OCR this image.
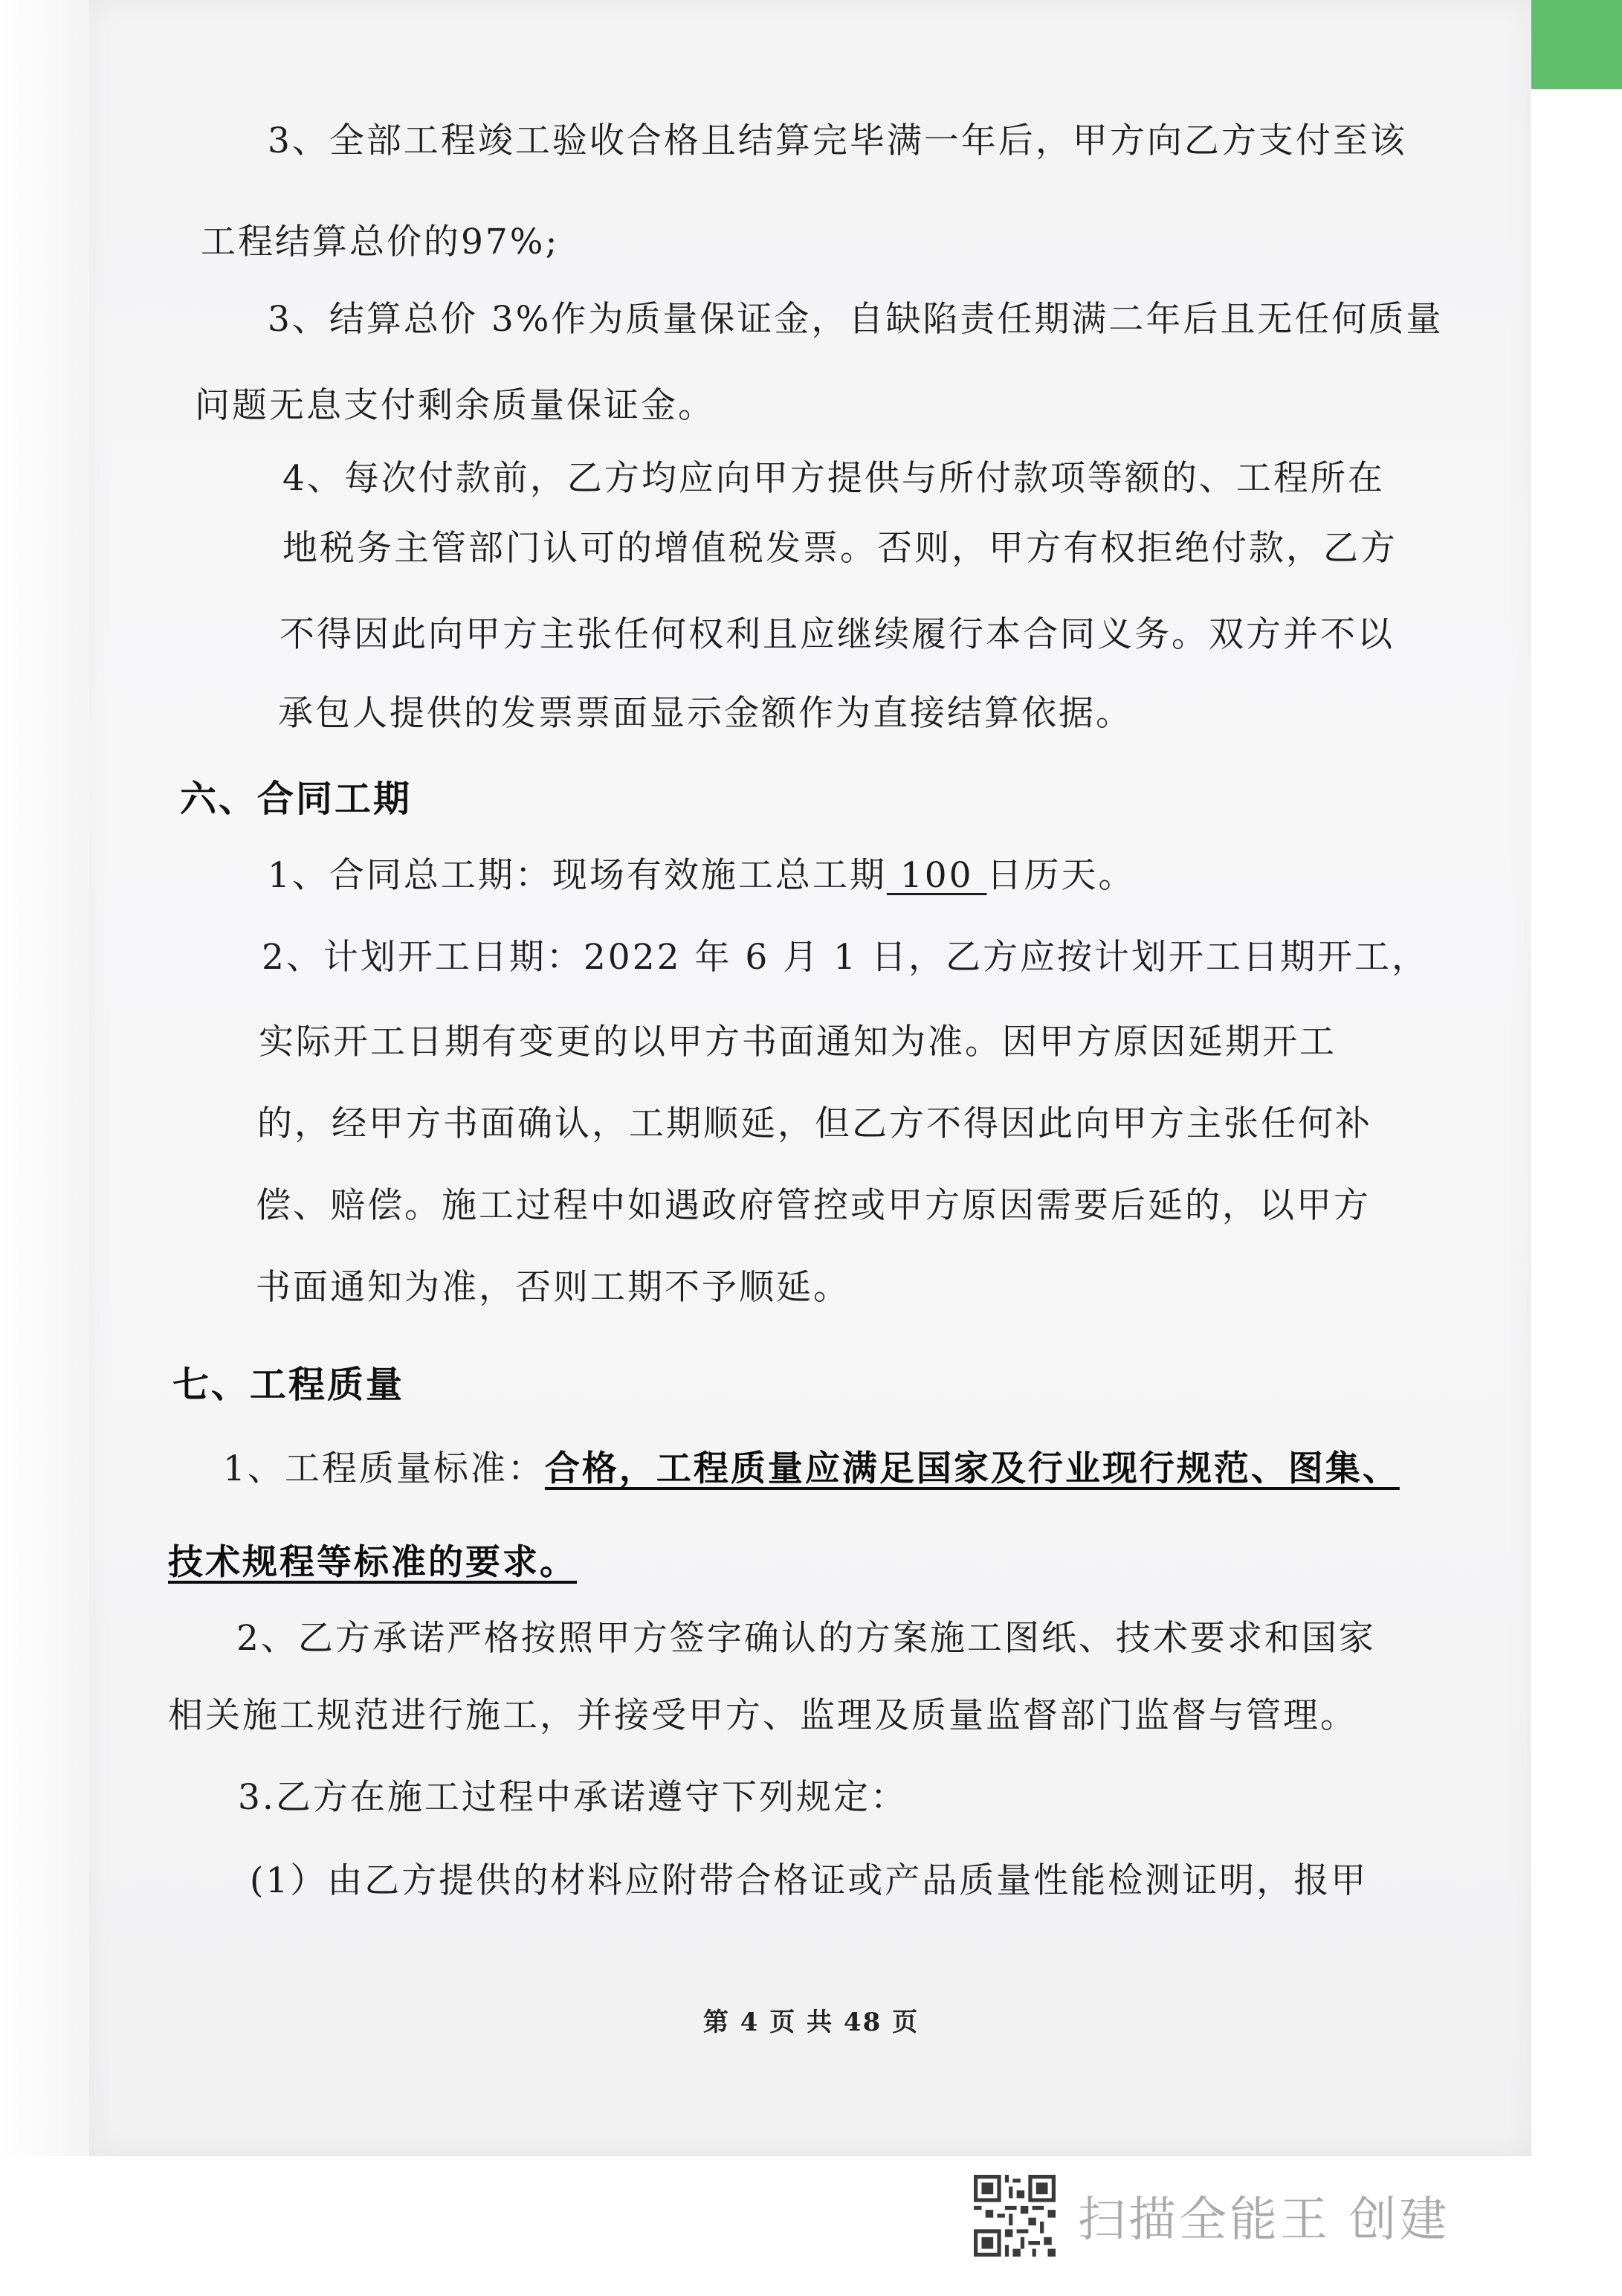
3、全部工程竣工验收合格且结算完毕满一年后，甲方向乙方支付至该
工程结算总价的97%;
3、结算总价 3%作为质量保证金，自缺陷责任期满二年后且无任何质量
问题无息支付剩余质量保证金。
4、每次付款前，乙方均应向甲方提供与所付款项等额的、工程所在
地税务主管部门认可的增值税发票。否则，甲方有权拒绝付款，乙方
不得因此向甲方主张任何权利且应继续履行本合同义务。双方并不以
承包人提供的发票票面显示金额作为直接结算依据。
六、合同工期
1、合同总工期：现场有效施工总工期 100 日历天。
2、计划开工日期：2022 年 6 月 1 日，乙方应按计划开工日期开工，
实际开工日期有变更的以甲方书面通知为准。因甲方原因延期开工
的，经甲方书面确认，工期顺延，但乙方不得因此向甲方主张任何补
偿、赔偿。施工过程中如遇政府管控或甲方原因需要后延的，以甲方
书面通知为准，否则工期不予顺延。
七、工程质量
1、工程质量标准：合格，工程质量应满足国家及行业现行规范、图集、
技术规程等标准的要求。
2、乙方承诺严格按照甲方签字确认的方案施工图纸、技术要求和国家
相关施工规范进行施工，并接受甲方、监理及质量监督部门监督与管理。
3.乙方在施工过程中承诺遵守下列规定：
(1）由乙方提供的材料应附带合格证或产品质量性能检测证明，报甲
第 4 页 共 48 页
扫描全能王 创建
